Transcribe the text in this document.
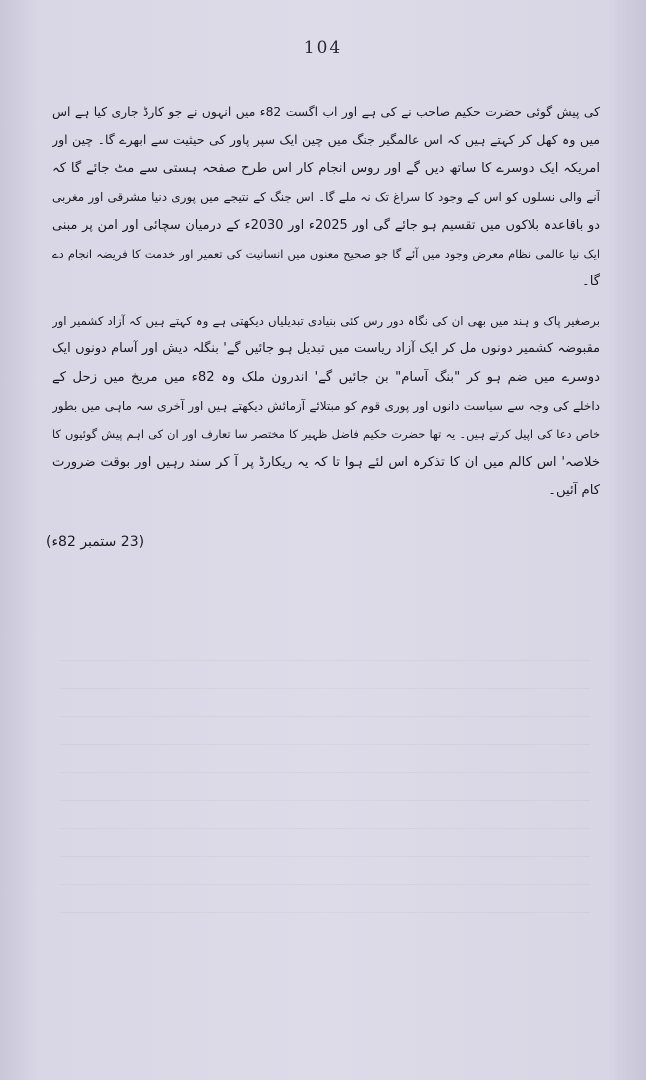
104
کی پیش گوئی حضرت حکیم صاحب نے کی ہے اور اب اگست 82ء میں انہوں نے جو کارڈ جاری کیا ہے اس
میں وہ کھل کر کہتے ہیں کہ اس عالمگیر جنگ میں چین ایک سپر پاور کی حیثیت سے ابھرے گا۔ چین اور
امریکہ ایک دوسرے کا ساتھ دیں گے اور روس انجام کار اس طرح صفحہ ہستی سے مٹ جائے گا کہ
آنے والی نسلوں کو اس کے وجود کا سراغ تک نہ ملے گا۔ اس جنگ کے نتیجے میں پوری دنیا مشرقی اور مغربی
دو باقاعدہ بلاکوں میں تقسیم ہو جائے گی اور 2025ء اور 2030ء کے درمیان سچائی اور امن پر مبنی
ایک نیا عالمی نظام معرض وجود میں آئے گا جو صحیح معنوں میں انسانیت کی تعمیر اور خدمت کا فریضہ انجام دے
گا۔
برصغیر پاک و ہند میں بھی ان کی نگاہ دور رس کئی بنیادی تبدیلیاں دیکھتی ہے وہ کہتے ہیں کہ آزاد کشمیر اور
مقبوضہ کشمیر دونوں مل کر ایک آزاد ریاست میں تبدیل ہو جائیں گے' بنگلہ دیش اور آسام دونوں ایک
دوسرے میں ضم ہو کر "بنگ آسام" بن جائیں گے' اندرون ملک وہ 82ء میں مریخ میں زحل کے
داخلے کی وجہ سے سیاست دانوں اور پوری قوم کو مبتلائے آزمائش دیکھتے ہیں اور آخری سہ ماہی میں بطور
خاص دعا کی اپیل کرتے ہیں۔ یہ تھا حضرت حکیم فاضل ظہیر کا مختصر سا تعارف اور ان کی اہم پیش گوئیوں کا
خلاصہ' اس کالم میں ان کا تذکرہ اس لئے ہوا تا کہ یہ ریکارڈ پر آ کر سند رہیں اور بوقت ضرورت
کام آئیں۔
(23 ستمبر 82ء)
